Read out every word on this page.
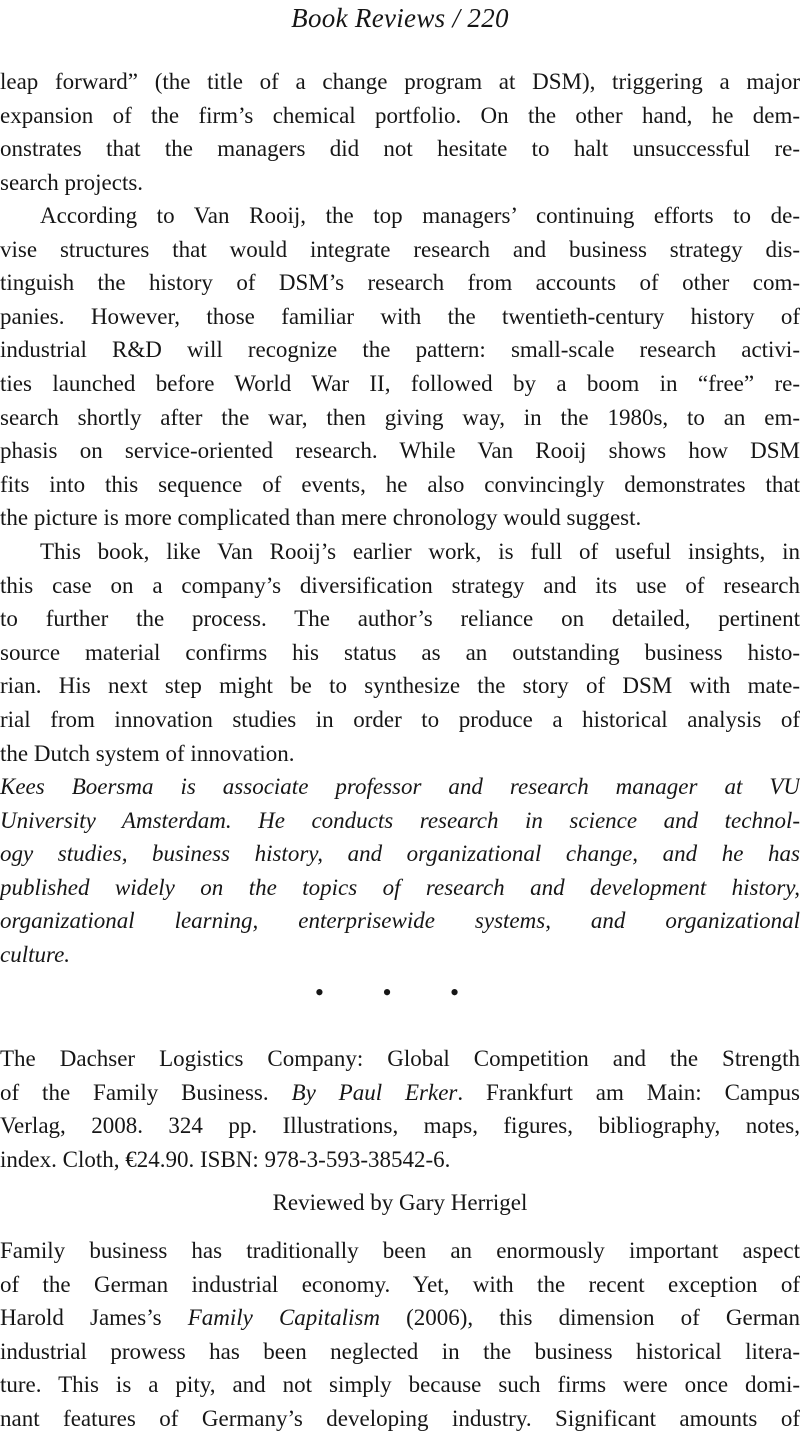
Book Reviews / 220
leap forward” (the title of a change program at DSM), triggering a major
expansion of the firm’s chemical portfolio. On the other hand, he dem-
onstrates that the managers did not hesitate to halt unsuccessful re-
search projects.
According to Van Rooij, the top managers’ continuing efforts to de-
vise structures that would integrate research and business strategy dis-
tinguish the history of DSM’s research from accounts of other com-
panies. However, those familiar with the twentieth-century history of
industrial R&D will recognize the pattern: small-scale research activi-
ties launched before World War II, followed by a boom in “free” re-
search shortly after the war, then giving way, in the 1980s, to an em-
phasis on service-oriented research. While Van Rooij shows how DSM
fits into this sequence of events, he also convincingly demonstrates that
the picture is more complicated than mere chronology would suggest.
This book, like Van Rooij’s earlier work, is full of useful insights, in
this case on a company’s diversification strategy and its use of research
to further the process. The author’s reliance on detailed, pertinent
source material confirms his status as an outstanding business histo-
rian. His next step might be to synthesize the story of DSM with mate-
rial from innovation studies in order to produce a historical analysis of
the Dutch system of innovation.
Kees Boersma is associate professor and research manager at VU
University Amsterdam. He conducts research in science and technol-
ogy studies, business history, and organizational change, and he has
published widely on the topics of research and development history,
organizational learning, enterprisewide systems, and organizational
culture.
• • •
The Dachser Logistics Company: Global Competition and the Strength
of the Family Business. By Paul Erker. Frankfurt am Main: Campus
Verlag, 2008. 324 pp. Illustrations, maps, figures, bibliography, notes,
index. Cloth, €24.90. ISBN: 978-3-593-38542-6.
Reviewed by Gary Herrigel
Family business has traditionally been an enormously important aspect
of the German industrial economy. Yet, with the recent exception of
Harold James’s Family Capitalism (2006), this dimension of German
industrial prowess has been neglected in the business historical litera-
ture. This is a pity, and not simply because such firms were once domi-
nant features of Germany’s developing industry. Significant amounts of
